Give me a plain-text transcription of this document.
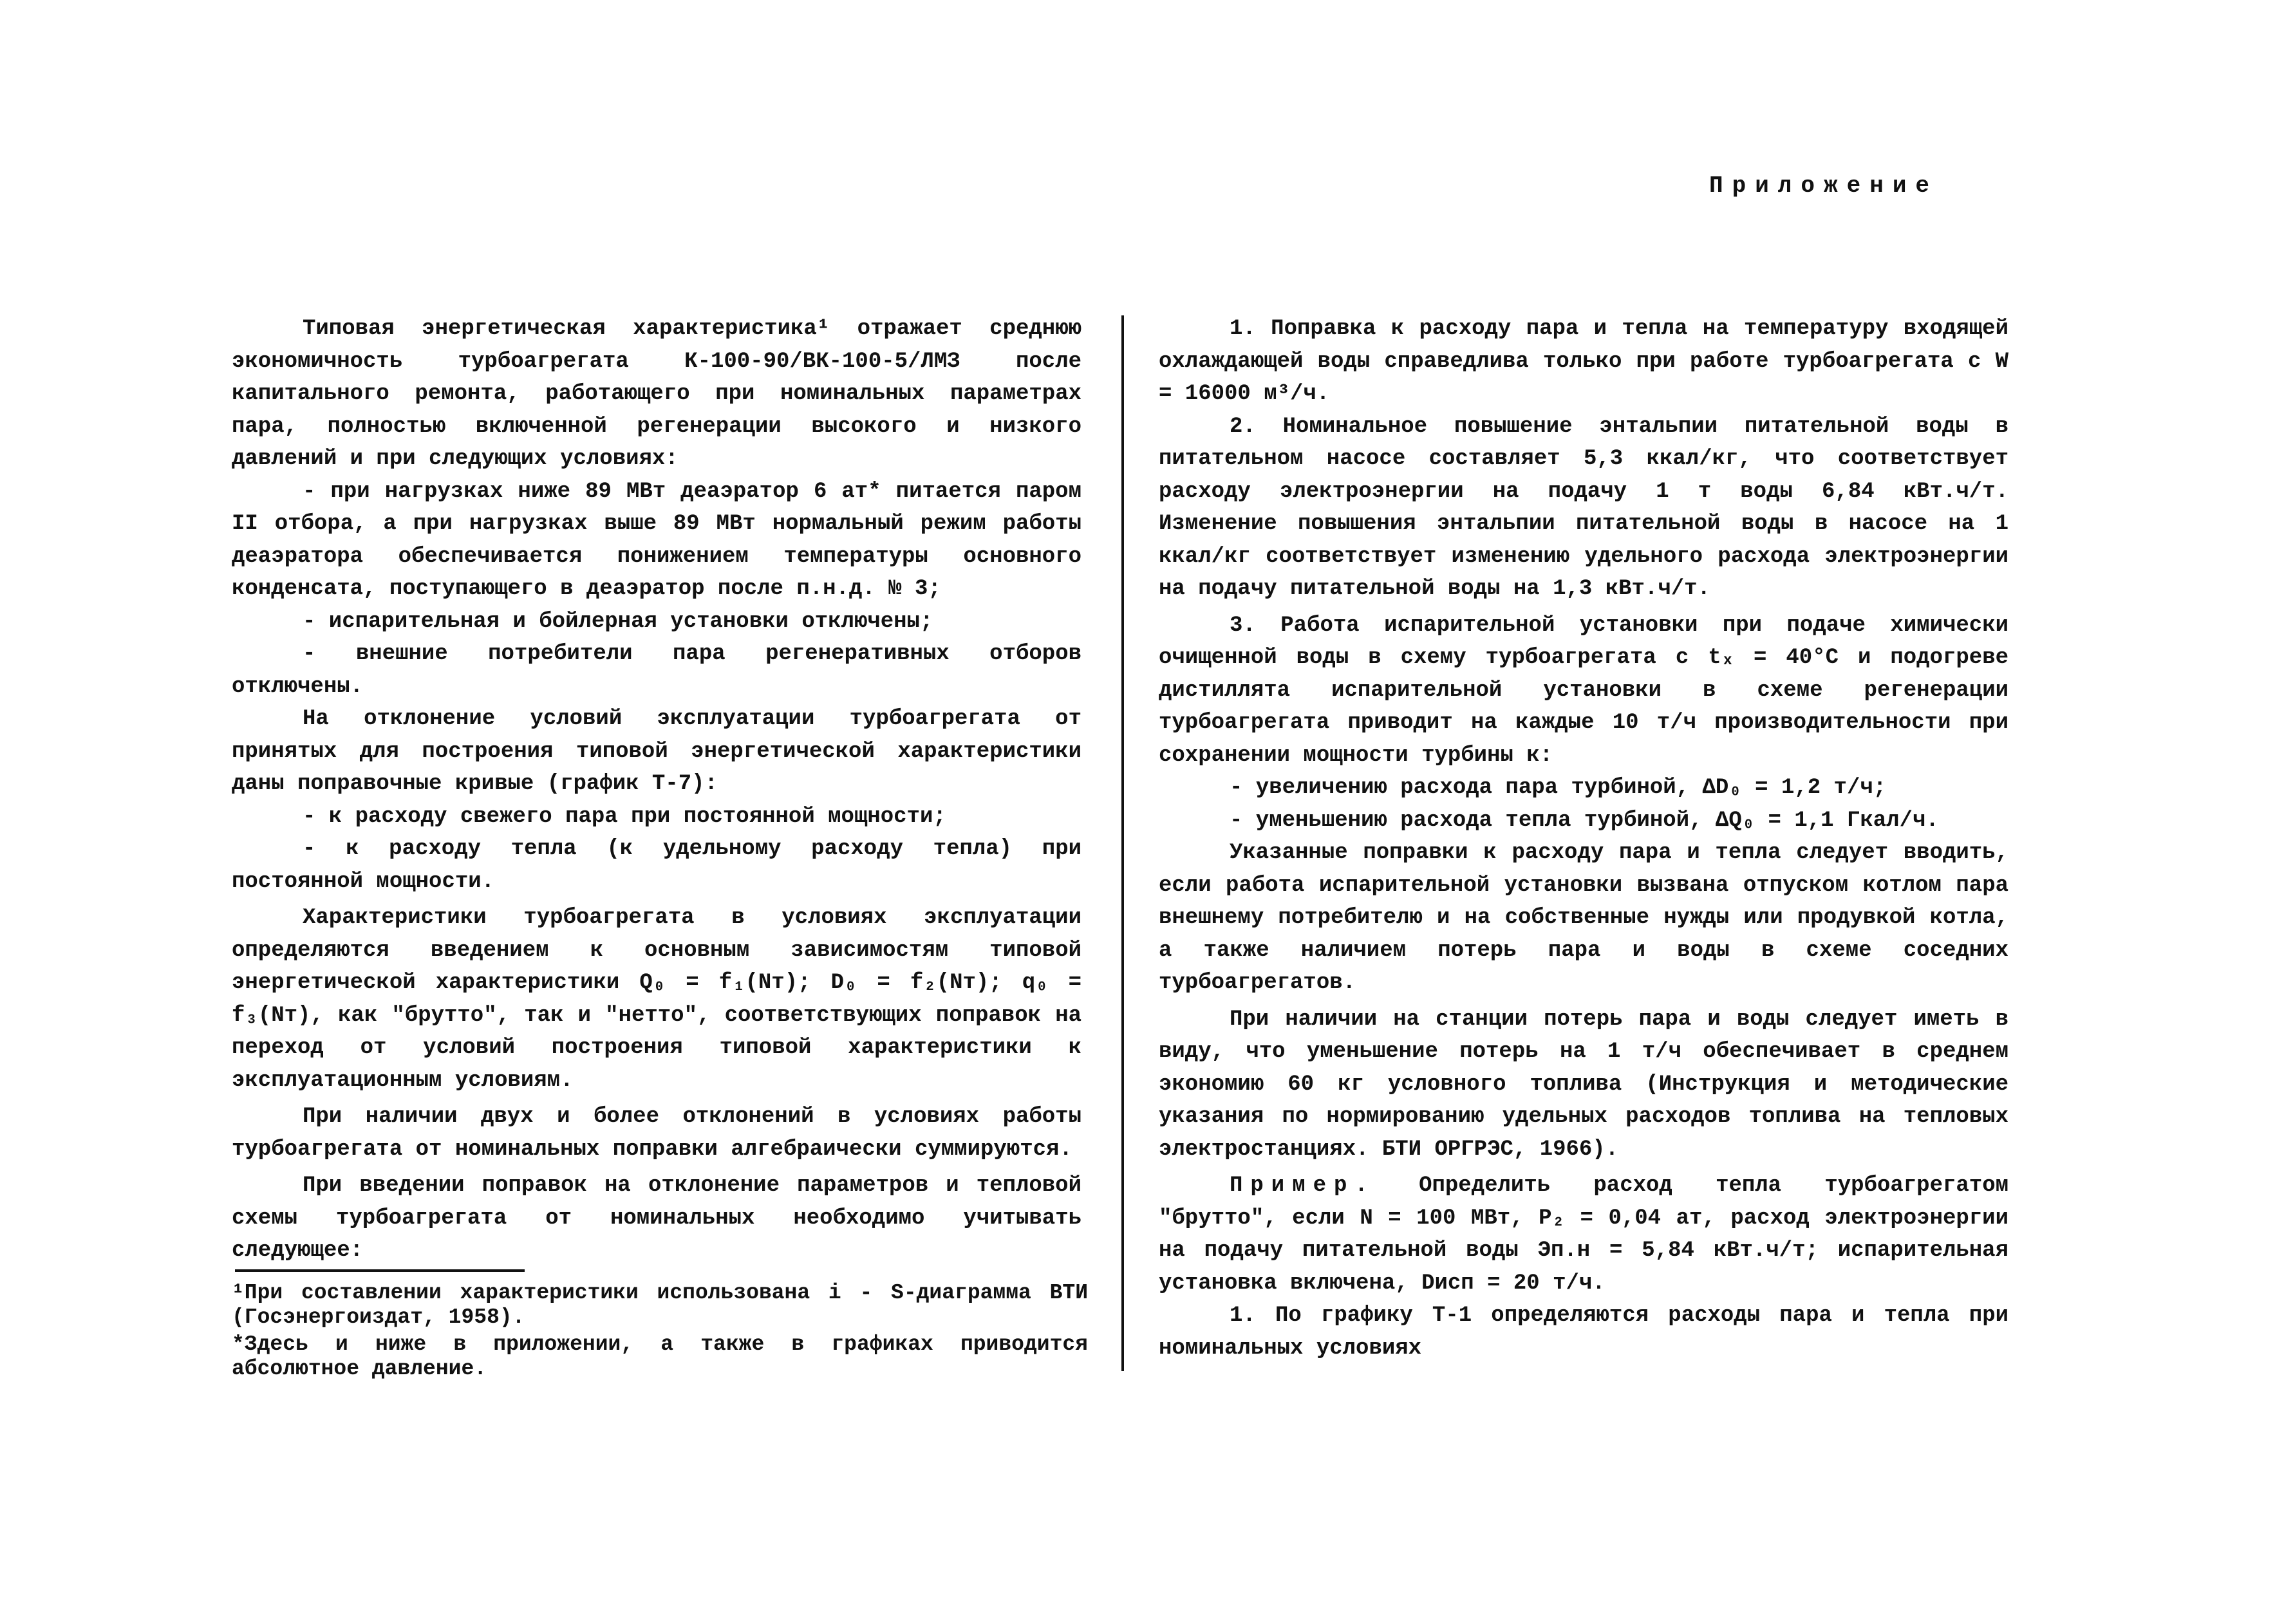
Приложение

Типовая энергетическая характеристика¹ отражает среднюю экономичность турбоагрегата К-100-90/ВК-100-5/ЛМЗ после капитального ремонта, работающего при номинальных параметрах пара, полностью включенной регенерации высокого и низкого давлений и при следующих условиях:

- при нагрузках ниже 89 МВт деаэратор 6 ат* питается паром II отбора, а при нагрузках выше 89 МВт нормальный режим работы деаэратора обеспечивается понижением температуры основного конденсата, поступающего в деаэратор после п.н.д. № 3;

- испарительная и бойлерная установки отключены;

- внешние потребители пара регенеративных отборов отключены.

На отклонение условий эксплуатации турбоагрегата от принятых для построения типовой энергетической характеристики даны поправочные кривые (график Т-7):

- к расходу свежего пара при постоянной мощности;

- к расходу тепла (к удельному расходу тепла) при постоянной мощности.

Характеристики турбоагрегата в условиях эксплуатации определяются введением к основным зависимостям типовой энергетической характеристики Q₀ = f₁(Nт); D₀ = f₂(Nт); q₀ = f₃(Nт), как "брутто", так и "нетто", соответствующих поправок на переход от условий построения типовой характеристики к эксплуатационным условиям.

При наличии двух и более отклонений в условиях работы турбоагрегата от номинальных поправки алгебраически суммируются.

При введении поправок на отклонение параметров и тепловой схемы турбоагрегата от номинальных необходимо учитывать следующее:

¹При составлении характеристики использована i - S-диаграмма ВТИ (Госэнергоиздат, 1958).

*Здесь и ниже в приложении, а также в графиках приводится абсолютное давление.

1. Поправка к расходу пара и тепла на температуру входящей охлаждающей воды справедлива только при работе турбоагрегата с W = 16000 м³/ч.

2. Номинальное повышение энтальпии питательной воды в питательном насосе составляет 5,3 ккал/кг, что соответствует расходу электроэнергии на подачу 1 т воды 6,84 кВт.ч/т. Изменение повышения энтальпии питательной воды в насосе на 1 ккал/кг соответствует изменению удельного расхода электроэнергии на подачу питательной воды на 1,3 кВт.ч/т.

3. Работа испарительной установки при подаче химически очищенной воды в схему турбоагрегата с tₓ = 40°С и подогреве дистиллята испарительной установки в схеме регенерации турбоагрегата приводит на каждые 10 т/ч производительности при сохранении мощности турбины к:

- увеличению расхода пара турбиной, ΔD₀ = 1,2 т/ч;

- уменьшению расхода тепла турбиной, ΔQ₀ = 1,1 Гкал/ч.

Указанные поправки к расходу пара и тепла следует вводить, если работа испарительной установки вызвана отпуском котлом пара внешнему потребителю и на собственные нужды или продувкой котла, а также наличием потерь пара и воды в схеме соседних турбоагрегатов.

При наличии на станции потерь пара и воды следует иметь в виду, что уменьшение потерь на 1 т/ч обеспечивает в среднем экономию 60 кг условного топлива (Инструкция и методические указания по нормированию удельных расходов топлива на тепловых электростанциях. БТИ ОРГРЭС, 1966).

Пример. Определить расход тепла турбоагрегатом "брутто", если N = 100 МВт, P₂ = 0,04 ат, расход электроэнергии на подачу питательной воды Эп.н = 5,84 кВт.ч/т; испарительная установка включена, Dисп = 20 т/ч.

1. По графику Т-1 определяются расходы пара и тепла при номинальных условиях
